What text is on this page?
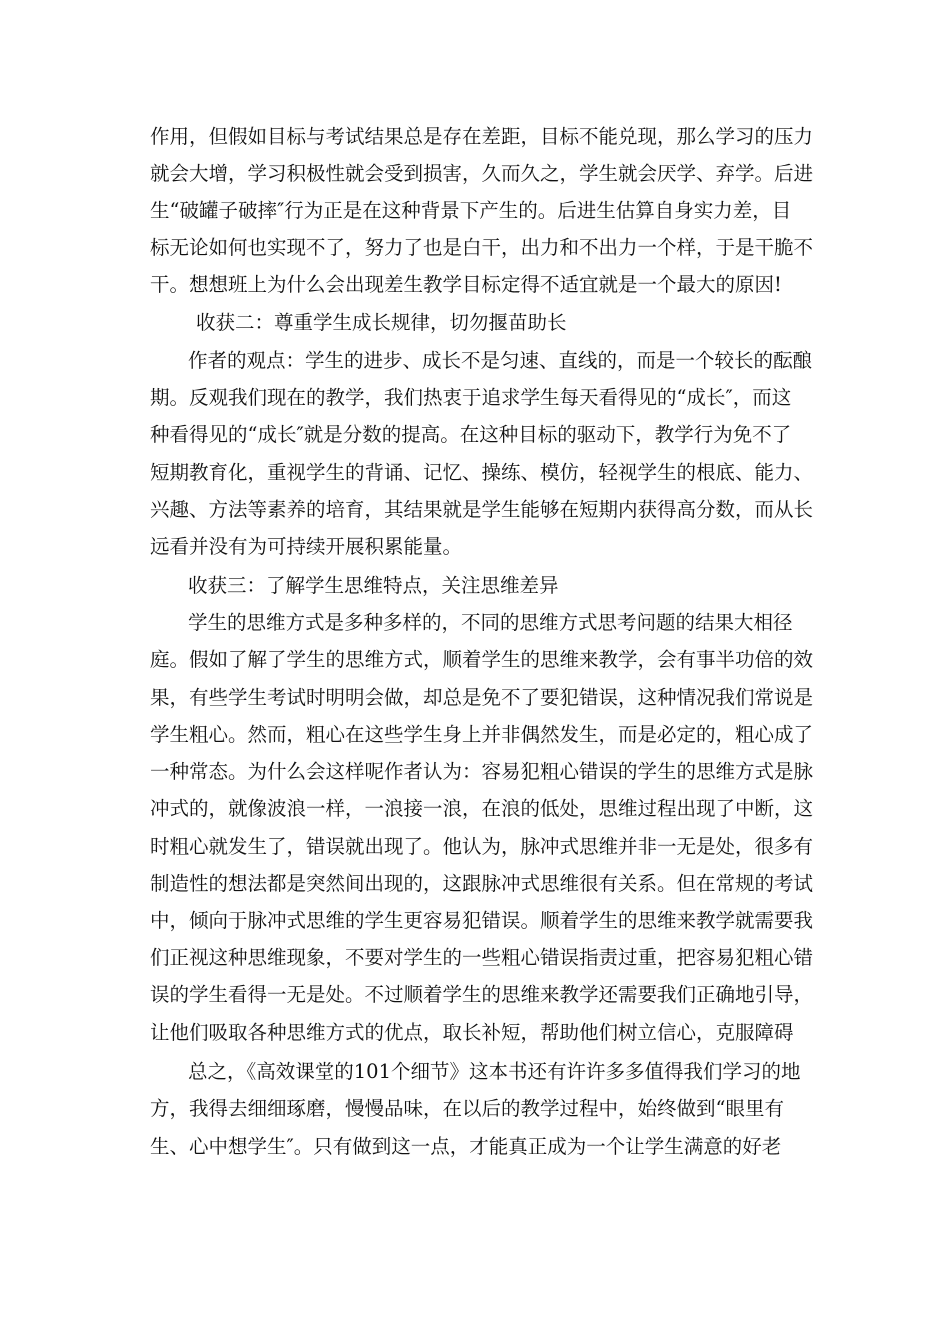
作用，但假如目标与考试结果总是存在差距，目标不能兑现，那么学习的压力
就会大增，学习积极性就会受到损害，久而久之，学生就会厌学、弃学。后进
生“破罐子破摔″行为正是在这种背景下产生的。后进生估算自身实力差，目
标无论如何也实现不了，努力了也是白干，出力和不出力一个样，于是干脆不
干。想想班上为什么会出现差生教学目标定得不适宜就是一个最大的原因!
收获二：尊重学生成长规律，切勿揠苗助长
作者的观点：学生的进步、成长不是匀速、直线的，而是一个较长的酝酿
期。反观我们现在的教学，我们热衷于追求学生每天看得见的“成长″，而这
种看得见的“成长″就是分数的提高。在这种目标的驱动下，教学行为免不了
短期教育化，重视学生的背诵、记忆、操练、模仿，轻视学生的根底、能力、
兴趣、方法等素养的培育，其结果就是学生能够在短期内获得高分数，而从长
远看并没有为可持续开展积累能量。
收获三：了解学生思维特点，关注思维差异
学生的思维方式是多种多样的，不同的思维方式思考问题的结果大相径
庭。假如了解了学生的思维方式，顺着学生的思维来教学，会有事半功倍的效
果，有些学生考试时明明会做，却总是免不了要犯错误，这种情况我们常说是
学生粗心。然而，粗心在这些学生身上并非偶然发生，而是必定的，粗心成了
一种常态。为什么会这样呢作者认为：容易犯粗心错误的学生的思维方式是脉
冲式的，就像波浪一样，一浪接一浪，在浪的低处，思维过程出现了中断，这
时粗心就发生了，错误就出现了。他认为，脉冲式思维并非一无是处，很多有
制造性的想法都是突然间出现的，这跟脉冲式思维很有关系。但在常规的考试
中，倾向于脉冲式思维的学生更容易犯错误。顺着学生的思维来教学就需要我
们正视这种思维现象，不要对学生的一些粗心错误指责过重，把容易犯粗心错
误的学生看得一无是处。不过顺着学生的思维来教学还需要我们正确地引导，
让他们吸取各种思维方式的优点，取长补短，帮助他们树立信心，克服障碍
总之，《高效课堂的101个细节》这本书还有许许多多值得我们学习的地
方，我得去细细琢磨，慢慢品味，在以后的教学过程中，始终做到“眼里有
生、心中想学生″。只有做到这一点，才能真正成为一个让学生满意的好老
